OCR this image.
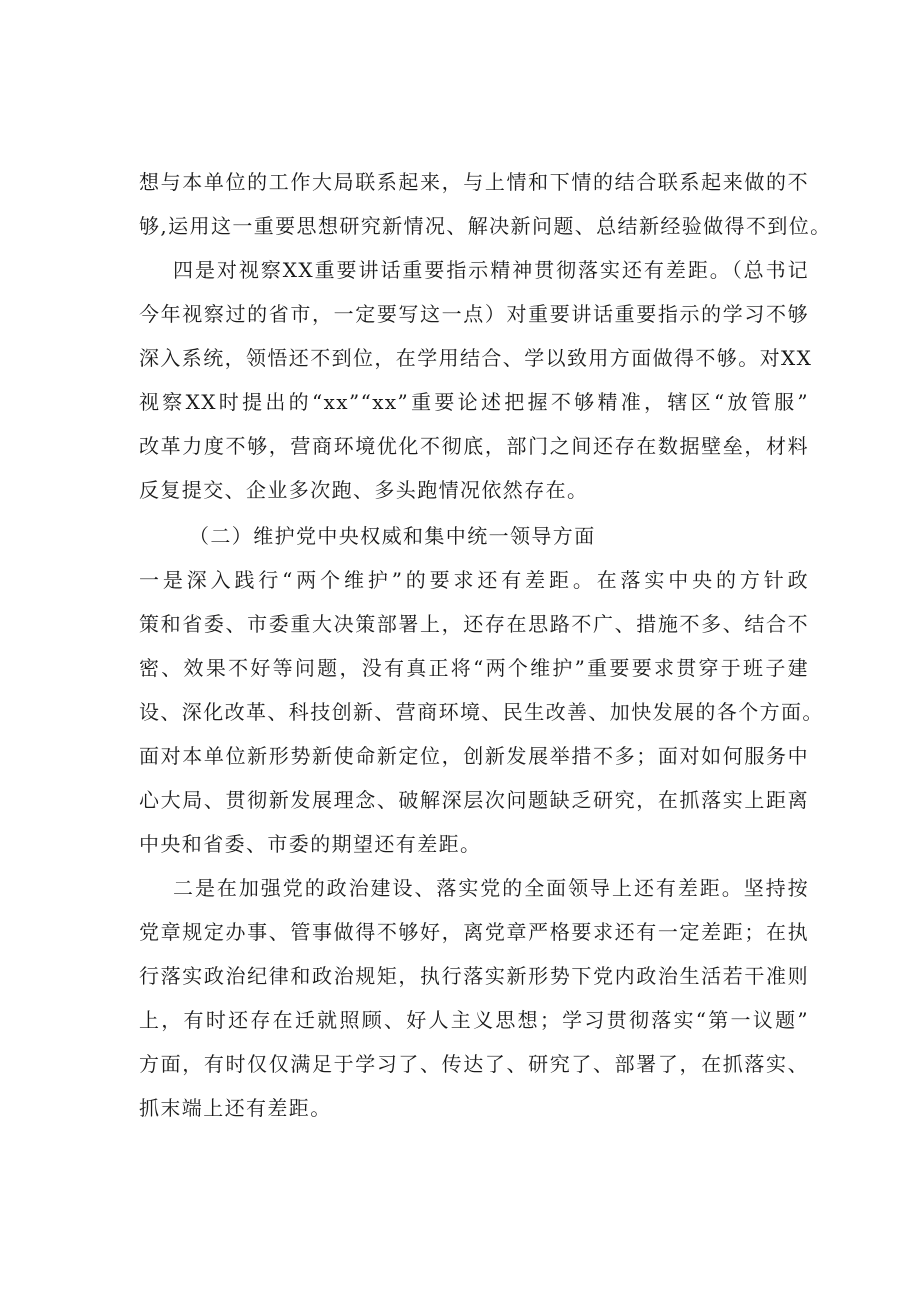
想与本单位的工作大局联系起来，与上情和下情的结合联系起来做的不
够,运用这一重要思想研究新情况、解决新问题、总结新经验做得不到位。
四是对视察XX重要讲话重要指示精神贯彻落实还有差距。（总书记
今年视察过的省市，一定要写这一点）对重要讲话重要指示的学习不够
深入系统，领悟还不到位，在学用结合、学以致用方面做得不够。对XX
视察XX时提出的“xx”“xx”重要论述把握不够精准，辖区“放管服”
改革力度不够，营商环境优化不彻底，部门之间还存在数据壁垒，材料
反复提交、企业多次跑、多头跑情况依然存在。
（二）维护党中央权威和集中统一领导方面
一是深入践行“两个维护”的要求还有差距。在落实中央的方针政
策和省委、市委重大决策部署上，还存在思路不广、措施不多、结合不
密、效果不好等问题，没有真正将“两个维护”重要要求贯穿于班子建
设、深化改革、科技创新、营商环境、民生改善、加快发展的各个方面。
面对本单位新形势新使命新定位，创新发展举措不多；面对如何服务中
心大局、贯彻新发展理念、破解深层次问题缺乏研究，在抓落实上距离
中央和省委、市委的期望还有差距。
二是在加强党的政治建设、落实党的全面领导上还有差距。坚持按
党章规定办事、管事做得不够好，离党章严格要求还有一定差距；在执
行落实政治纪律和政治规矩，执行落实新形势下党内政治生活若干准则
上，有时还存在迁就照顾、好人主义思想；学习贯彻落实“第一议题”
方面，有时仅仅满足于学习了、传达了、研究了、部署了，在抓落实、
抓末端上还有差距。
